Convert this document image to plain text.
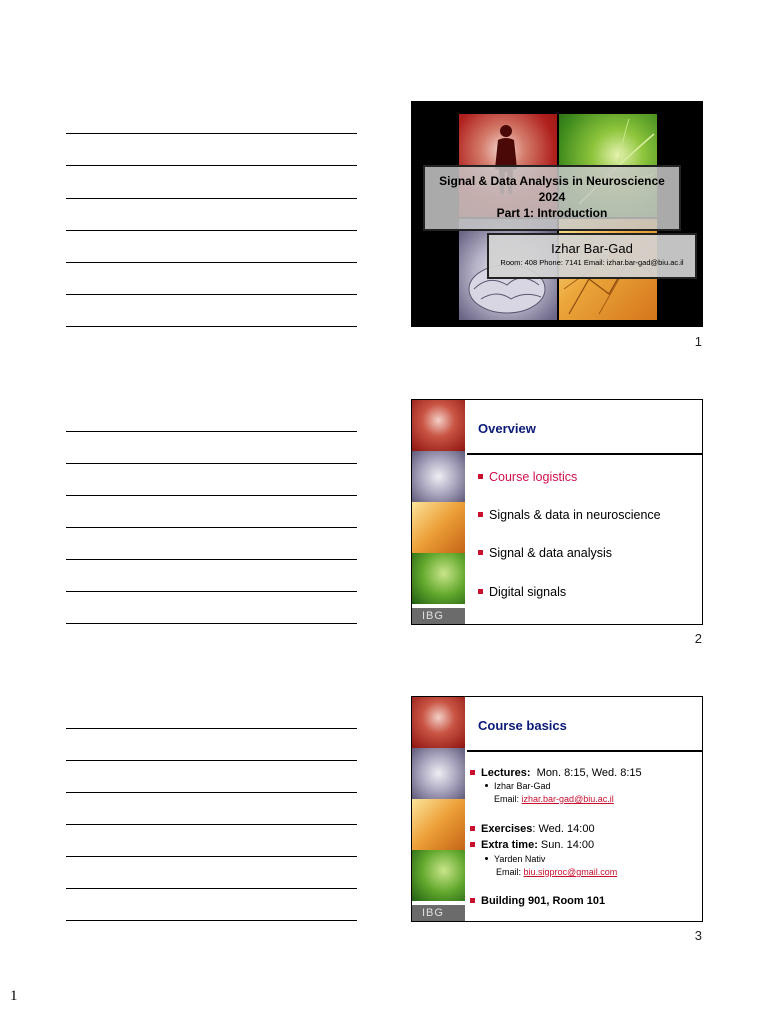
Signal & Data Analysis in Neuroscience
2024
Part 1: Introduction
Izhar Bar-Gad
Room: 408 Phone: 7141 Email: izhar.bar-gad@biu.ac.il
1
IBG
Overview
Course logistics
Signals & data in neuroscience
Signal & data analysis
Digital signals
2
IBG
Course basics
Lectures: Mon. 8:15, Wed. 8:15
Izhar Bar-Gad
Email: izhar.bar-gad@biu.ac.il
Exercises: Wed. 14:00
Extra time: Sun. 14:00
Yarden Nativ
Email: biu.sigproc@gmail.com
Building 901, Room 101
3
1
